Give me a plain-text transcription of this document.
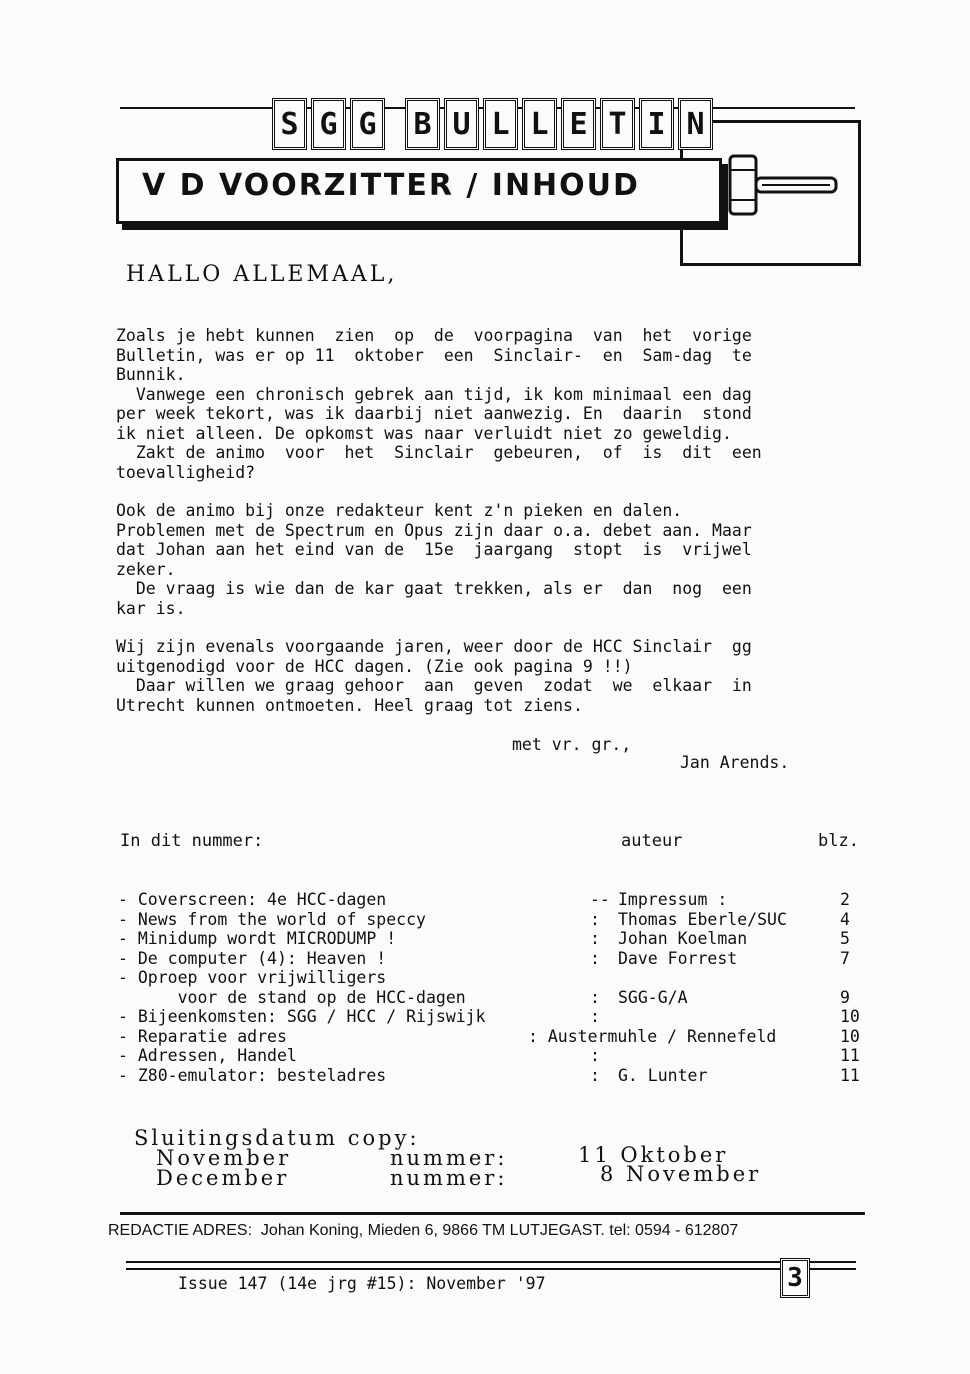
S G G B U L L E T I N
V D VOORZITTER / INHOUD
HALLO ALLEMAAL,
Zoals je hebt kunnen  zien  op  de  voorpagina  van  het  vorige
Bulletin, was er op 11  oktober  een  Sinclair-  en  Sam-dag  te
Bunnik.
Vanwege een chronisch gebrek aan tijd, ik kom minimaal een dag
per week tekort, was ik daarbij niet aanwezig. En  daarin  stond
ik niet alleen. De opkomst was naar verluidt niet zo geweldig.
Zakt de animo  voor  het  Sinclair  gebeuren,  of  is  dit  een
toevalligheid?
Ook de animo bij onze redakteur kent z'n pieken en dalen.
Problemen met de Spectrum en Opus zijn daar o.a. debet aan. Maar
dat Johan aan het eind van de  15e  jaargang  stopt  is  vrijwel
zeker.
De vraag is wie dan de kar gaat trekken, als er  dan  nog  een
kar is.
Wij zijn evenals voorgaande jaren, weer door de HCC Sinclair  gg
uitgenodigd voor de HCC dagen. (Zie ook pagina 9 !!)
Daar willen we graag gehoor  aan  geven  zodat  we  elkaar  in
Utrecht kunnen ontmoeten. Heel graag tot ziens.
met vr. gr.,
Jan Arends.
In dit nummer:	auteur	blz.
- Coverscreen: 4e HCC-dagen	-- Impressum :	2
- News from the world of speccy	: Thomas Eberle/SUC	4
- Minidump wordt MICRODUMP !	: Johan Koelman	5
- De computer (4): Heaven !	: Dave Forrest	7
- Oproep voor vrijwilligers
voor de stand op de HCC-dagen	: SGG-G/A	9
- Bijeenkomsten: SGG / HCC / Rijswijk	:	10
- Reparatie adres	: Austermuhle / Rennefeld	10
- Adressen, Handel	:	11
- Z80-emulator: besteladres	: G. Lunter	11
Sluitingsdatum copy:
November	nummer:	11 Oktober
December	nummer:	8 November
REDACTIE ADRES:  Johan Koning, Mieden 6, 9866 TM LUTJEGAST. tel: 0594 - 612807
Issue 147 (14e jrg #15): November '97	3
